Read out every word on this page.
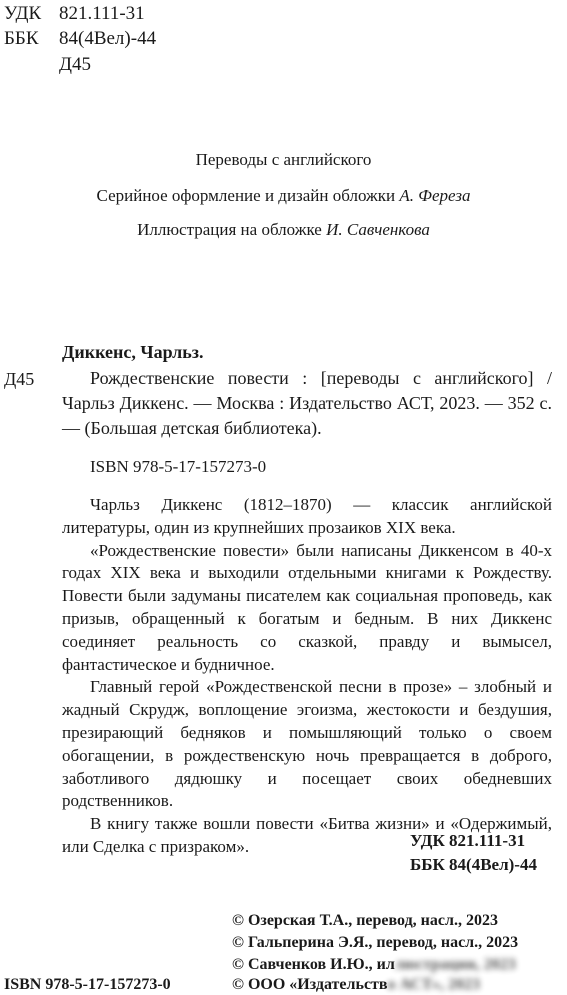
УДК 821.111-31
ББК 84(4Вел)-44
Д45
Переводы с английского
Серийное оформление и дизайн обложки А. Фереза
Иллюстрация на обложке И. Савченкова
Диккенс, Чарльз.
Д45	Рождественские повести : [переводы с английского] / Чарльз Диккенс. — Москва : Издательство АСТ, 2023. — 352 с. — (Большая детская библиотека).
ISBN 978-5-17-157273-0

Чарльз Диккенс (1812–1870) — классик английской литературы, один из крупнейших прозаиков XIX века.

«Рождественские повести» были написаны Диккенсом в 40-х годах XIX века и выходили отдельными книгами к Рождеству. Повести были задуманы писателем как социальная проповедь, как призыв, обращенный к богатым и бедным. В них Диккенс соединяет реальность со сказкой, правду и вымысел, фантастическое и будничное.

Главный герой «Рождественской песни в прозе» – злобный и жадный Скрудж, воплощение эгоизма, жестокости и бездушия, презирающий бедняков и помышляющий только о своем обогащении, в рождественскую ночь превращается в доброго, заботливого дядюшку и посещает своих обедневших родственников.

В книгу также вошли повести «Битва жизни» и «Одержимый, или Сделка с призраком».	УДК 821.111-31
ББК 84(4Вел)-44
© Озерская Т.А., перевод, насл., 2023
© Гальперина Э.Я., перевод, насл., 2023
© Савченков И.Ю., иллюстрации, 2023
© ООО «Издательство АСТ», 2023
ISBN 978-5-17-157273-0
